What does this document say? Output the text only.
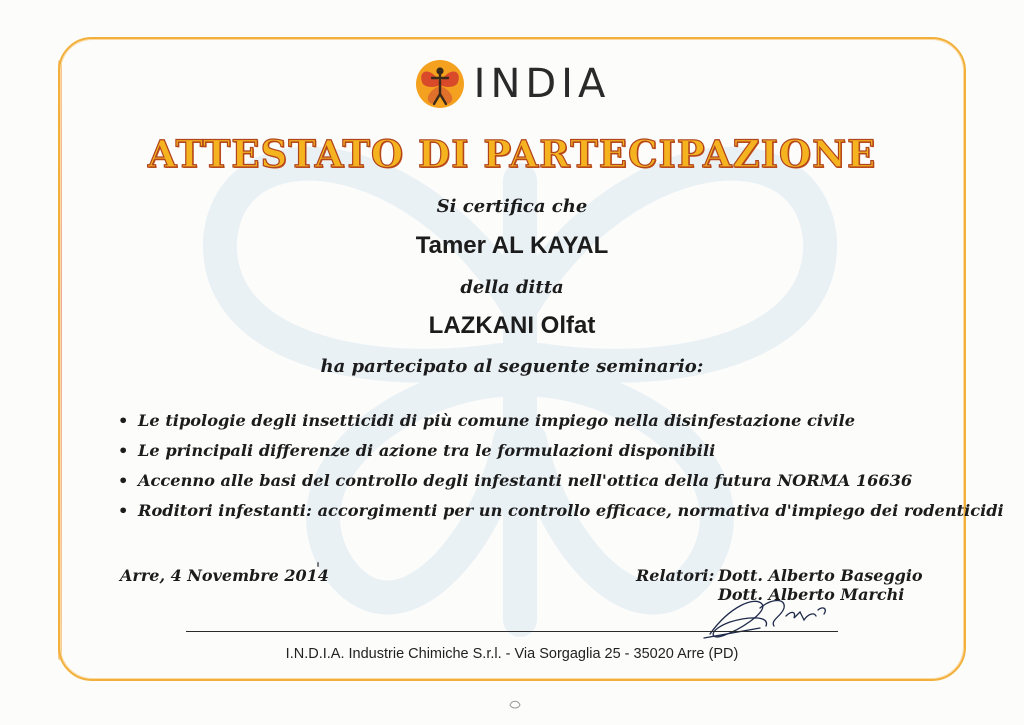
INDIA
ATTESTATO DI PARTECIPAZIONE
Si certifica che
Tamer AL KAYAL
della ditta
LAZKANI Olfat
ha partecipato al seguente seminario:
• Le tipologie degli insetticidi di più comune impiego nella disinfestazione civile
• Le principali differenze di azione tra le formulazioni disponibili
• Accenno alle basi del controllo degli infestanti nell'ottica della futura NORMA 16636
• Roditori infestanti: accorgimenti per un controllo efficace, normativa d'impiego dei rodenticidi
Arre, 4 Novembre 2014	Relatori: Dott. Alberto Baseggio
Dott. Alberto Marchi
I.N.D.I.A. Industrie Chimiche S.r.l. - Via Sorgaglia 25 - 35020 Arre (PD)
